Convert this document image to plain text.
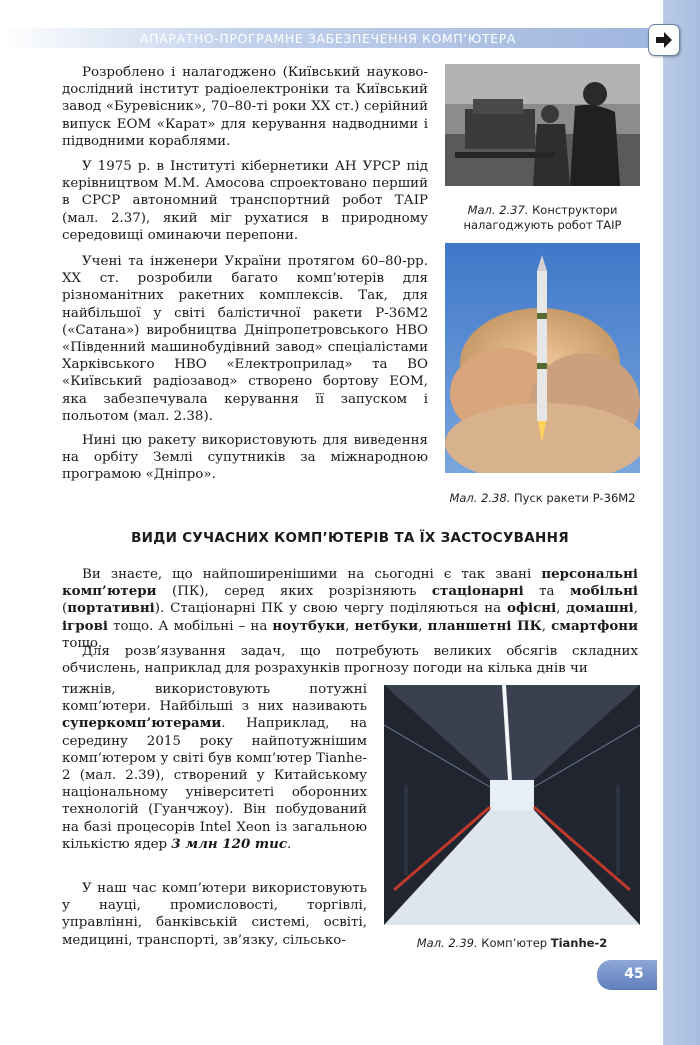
АПАРАТНО-ПРОГРАМНЕ ЗАБЕЗПЕЧЕННЯ КОМП’ЮТЕРА

Розроблено і налагоджено (Київський науково-дослідний інститут радіоелектроніки та Київський завод «Буревісник», 70–80-ті роки XX ст.) серійний випуск ЕОМ «Карат» для керування надводними і підводними кораблями.

У 1975 р. в Інституті кібернетики АН УРСР під керівництвом М.М. Амосова спроектовано перший в СРСР автономний транспортний робот ТАІР (мал. 2.37), який міг рухатися в природному середовищі оминаючи перепони.

Учені та інженери України протягом 60–80-рр. XX ст. розробили багато комп’ютерів для різноманітних ракетних комплексів. Так, для найбільшої у світі балістичної ракети Р-36М2 («Сатана») виробництва Дніпропетровського НВО «Південний машинобудівний завод» спеціалістами Харківського НВО «Електроприлад» та ВО «Київський радіозавод» створено бортову ЕОМ, яка забезпечувала керування її запуском і польотом (мал. 2.38).

Нині цю ракету використовують для виведення на орбіту Землі супутників за міжнародною програмою «Дніпро».

Мал. 2.37. Конструктори налагоджують робот ТАІР

Мал. 2.38. Пуск ракети Р-36М2

ВИДИ СУЧАСНИХ КОМП’ЮТЕРІВ ТА ЇХ ЗАСТОСУВАННЯ

Ви знаєте, що найпоширенішими на сьогодні є так звані персональні комп’ютери (ПК), серед яких розрізняють стаціонарні та мобільні (портативні). Стаціонарні ПК у свою чергу поділяються на офісні, домашні, ігрові тощо. А мобільні – на ноутбуки, нетбуки, планшетні ПК, смартфони тощо.

Для розв’язування задач, що потребують великих обсягів складних обчислень, наприклад для розрахунків прогнозу погоди на кілька днів чи

тижнів, використовують потужні комп’ютери. Найбільші з них називають суперкомп’ютерами. Наприклад, на середину 2015 року найпотужнішим комп’ютером у світі був комп’ютер Tianhe-2 (мал. 2.39), створений у Китайському національному університеті оборонних технологій (Гуанчжоу). Він побудований на базі процесорів Intel Xeon із загальною кількістю ядер 3 млн 120 тис.

У наш час комп’ютери використовують у науці, промисловості, торгівлі, управлінні, банківській системі, освіті, медицині, транспорті, зв’язку, сільсько-	Мал. 2.39. Комп’ютер Tianhe-2

45
